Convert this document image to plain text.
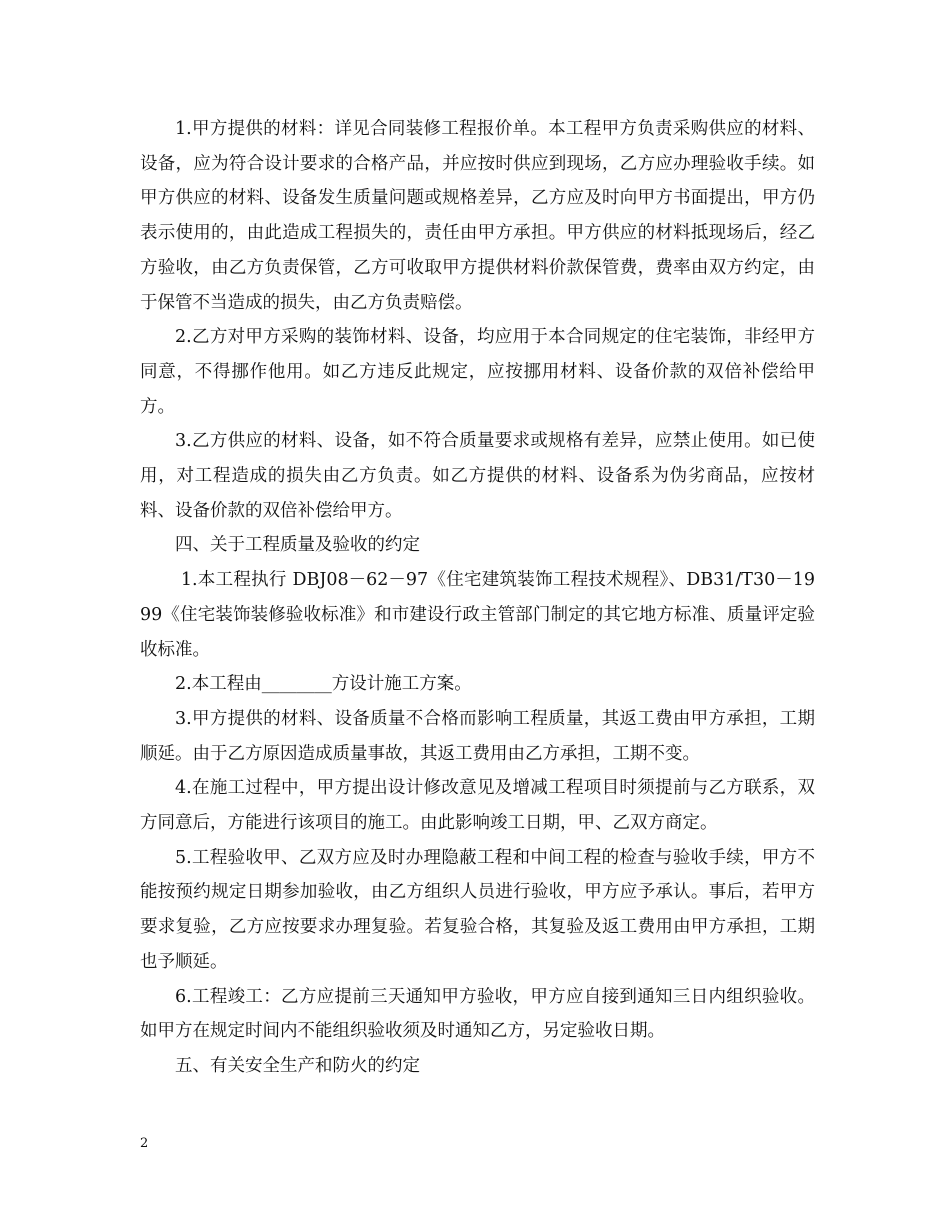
1.甲方提供的材料：详见合同装修工程报价单。本工程甲方负责采购供应的材料、设备，应为符合设计要求的合格产品，并应按时供应到现场，乙方应办理验收手续。如甲方供应的材料、设备发生质量问题或规格差异，乙方应及时向甲方书面提出，甲方仍表示使用的，由此造成工程损失的，责任由甲方承担。甲方供应的材料抵现场后，经乙方验收，由乙方负责保管，乙方可收取甲方提供材料价款保管费，费率由双方约定，由于保管不当造成的损失，由乙方负责赔偿。

2.乙方对甲方采购的装饰材料、设备，均应用于本合同规定的住宅装饰，非经甲方同意，不得挪作他用。如乙方违反此规定，应按挪用材料、设备价款的双倍补偿给甲方。

3.乙方供应的材料、设备，如不符合质量要求或规格有差异，应禁止使用。如已使用，对工程造成的损失由乙方负责。如乙方提供的材料、设备系为伪劣商品，应按材料、设备价款的双倍补偿给甲方。

四、关于工程质量及验收的约定

1.本工程执行 DBJ08－62－97《住宅建筑装饰工程技术规程》、DB31/T30－1999《住宅装饰装修验收标准》和市建设行政主管部门制定的其它地方标准、质量评定验收标准。

2.本工程由________方设计施工方案。

3.甲方提供的材料、设备质量不合格而影响工程质量，其返工费由甲方承担，工期顺延。由于乙方原因造成质量事故，其返工费用由乙方承担，工期不变。

4.在施工过程中，甲方提出设计修改意见及增减工程项目时须提前与乙方联系，双方同意后，方能进行该项目的施工。由此影响竣工日期，甲、乙双方商定。

5.工程验收甲、乙双方应及时办理隐蔽工程和中间工程的检查与验收手续，甲方不能按预约规定日期参加验收，由乙方组织人员进行验收，甲方应予承认。事后，若甲方要求复验，乙方应按要求办理复验。若复验合格，其复验及返工费用由甲方承担，工期也予顺延。

6.工程竣工：乙方应提前三天通知甲方验收，甲方应自接到通知三日内组织验收。如甲方在规定时间内不能组织验收须及时通知乙方，另定验收日期。

五、有关安全生产和防火的约定

2
